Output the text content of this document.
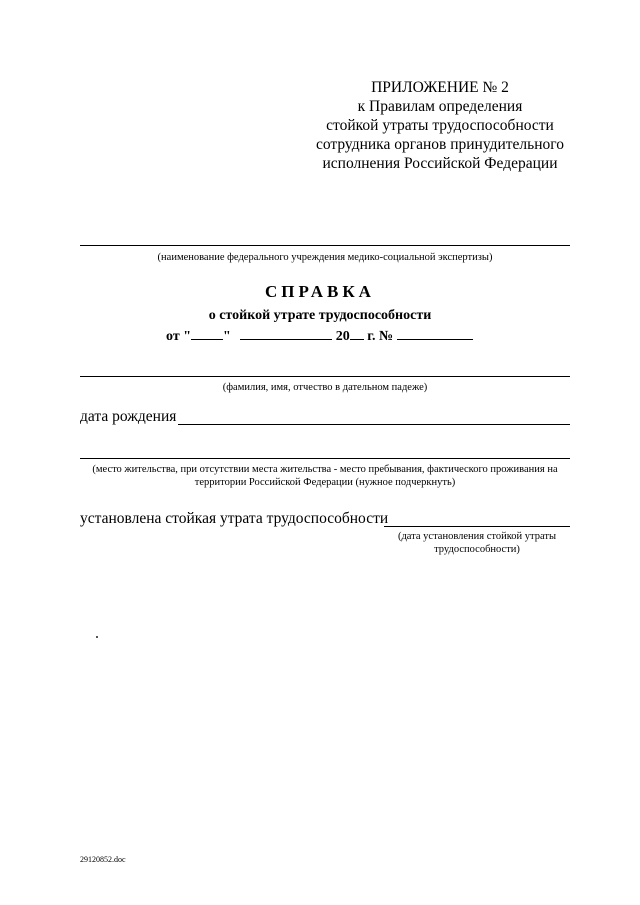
ПРИЛОЖЕНИЕ № 2
к Правилам определения
стойкой утраты трудоспособности
сотрудника органов принудительного
исполнения Российской Федерации
(наименование федерального учреждения медико-социальной экспертизы)
СПРАВКА
о стойкой утрате трудоспособности
от " "	20 г. №
(фамилия, имя, отчество в дательном падеже)
дата рождения
(место жительства, при отсутствии места жительства - место пребывания, фактического проживания на
территории Российской Федерации (нужное подчеркнуть)
установлена стойкая утрата трудоспособности
(дата установления стойкой утраты
трудоспособности)
29120852.doc
